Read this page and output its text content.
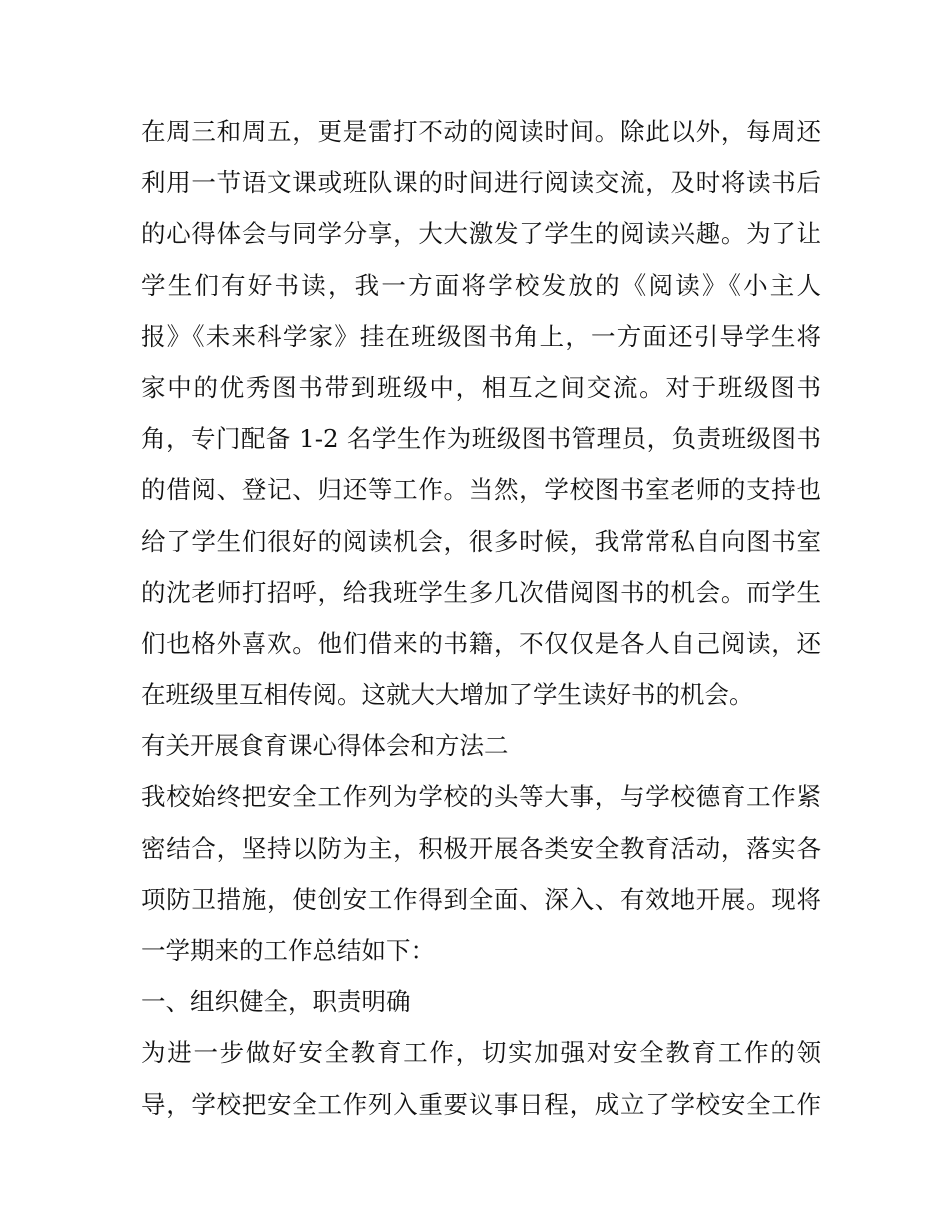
在周三和周五，更是雷打不动的阅读时间。除此以外，每周还
利用一节语文课或班队课的时间进行阅读交流，及时将读书后
的心得体会与同学分享，大大激发了学生的阅读兴趣。为了让
学生们有好书读，我一方面将学校发放的《阅读》《小主人
报》《未来科学家》挂在班级图书角上，一方面还引导学生将
家中的优秀图书带到班级中，相互之间交流。对于班级图书
角，专门配备 1-2 名学生作为班级图书管理员，负责班级图书
的借阅、登记、归还等工作。当然，学校图书室老师的支持也
给了学生们很好的阅读机会，很多时候，我常常私自向图书室
的沈老师打招呼，给我班学生多几次借阅图书的机会。而学生
们也格外喜欢。他们借来的书籍，不仅仅是各人自己阅读，还
在班级里互相传阅。这就大大增加了学生读好书的机会。
有关开展食育课心得体会和方法二
我校始终把安全工作列为学校的头等大事，与学校德育工作紧
密结合，坚持以防为主，积极开展各类安全教育活动，落实各
项防卫措施，使创安工作得到全面、深入、有效地开展。现将
一学期来的工作总结如下：
一、组织健全，职责明确
为进一步做好安全教育工作，切实加强对安全教育工作的领
导，学校把安全工作列入重要议事日程，成立了学校安全工作
